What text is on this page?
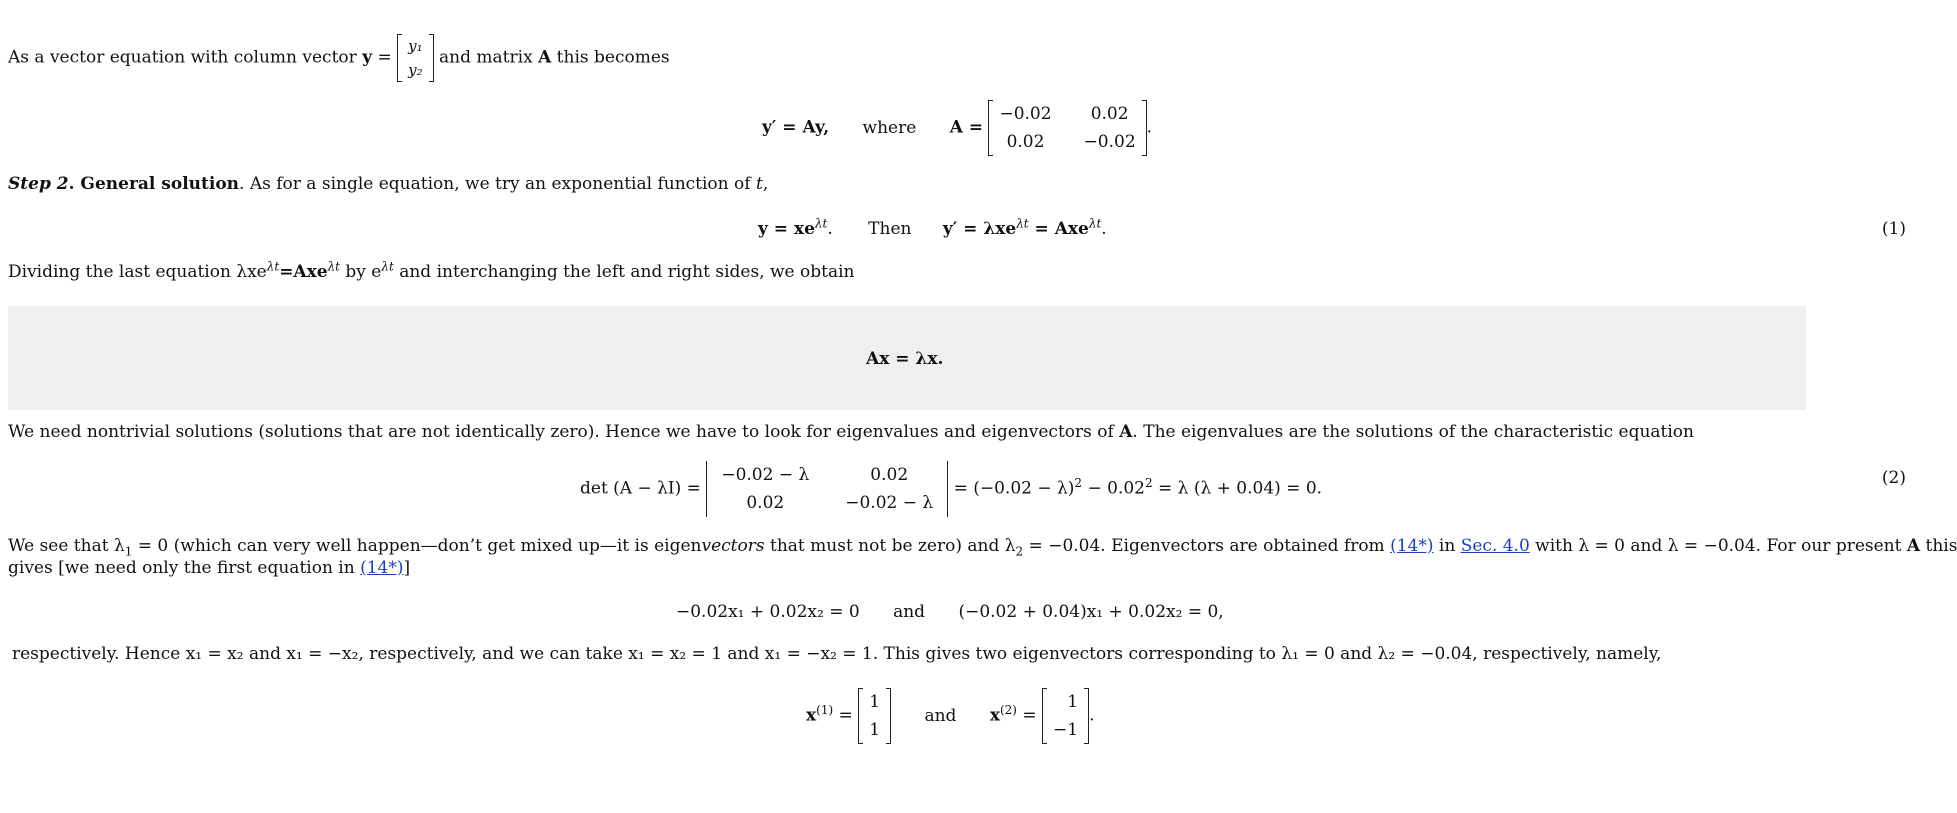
As a vector equation with column vector y =
y₁
y₂
and matrix A this becomes
y′ = Ay, where A =
−0.02	0.02
0.02	−0.02
.
Step 2. General solution. As for a single equation, we try an exponential function of t,
$y = xe^{\lambda t}$. Then y′ = λxe$^{\lambda t}$ = Axe$^{\lambda t}$.	(1)
Dividing the last equation λxe$^{\lambda t}$=Axe$^{\lambda t}$ by $e^{\lambda t}$ and interchanging the left and right sides, we obtain
Ax = λx.
We need nontrivial solutions (solutions that are not identically zero). Hence we have to look for eigenvalues and eigenvectors of A. The eigenvalues are the solutions of the characteristic equation
det (A − λI) =
−0.02 − λ	0.02
0.02	−0.02 − λ
= $(-0.02 - \lambda)^2 - 0.02^2 = \lambda$ (λ + 0.04) = 0.
(2)
We see that $\lambda_1 = 0$ (which can very well happen—don’t get mixed up—it is eigenvectors that must not be zero) and $\lambda_2 = -0.04$. Eigenvectors are obtained from (14*) in Sec. 4.0 with λ = 0 and λ = −0.04. For our present A this
gives [we need only the first equation in (14*)]
−0.02x₁ + 0.02x₂ = 0 and (−0.02 + 0.04)x₁ + 0.02x₂ = 0,
respectively. Hence x₁ = x₂ and x₁ = −x₂, respectively, and we can take x₁ = x₂ = 1 and x₁ = −x₂ = 1. This gives two eigenvectors corresponding to λ₁ = 0 and λ₂ = −0.04, respectively, namely,
$x^{(1)}$ =
1
1
and $x^{(2)}$ =
1
−1
.
